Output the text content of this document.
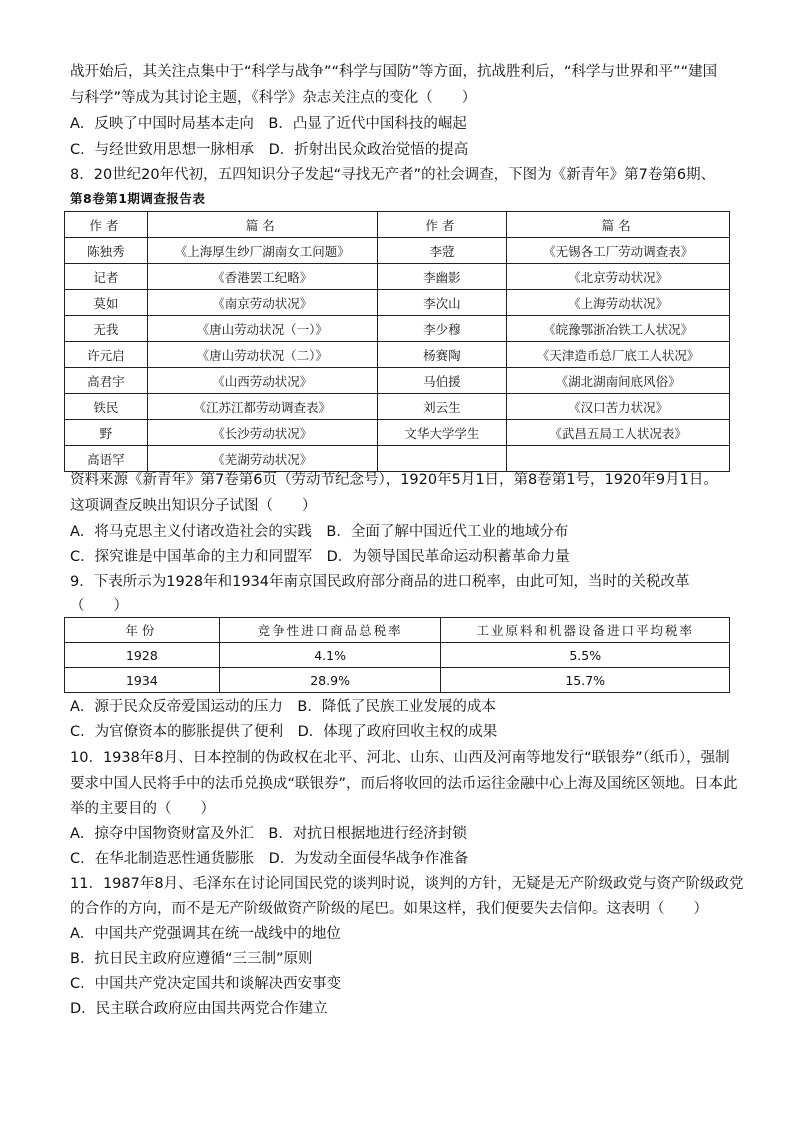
战开始后，其关注点集中于“科学与战争”“科学与国防”等方面，抗战胜利后，“科学与世界和平”“建国
与科学”等成为其讨论主题，《科学》杂志关注点的变化（　　）
A．反映了中国时局基本走向　B．凸显了近代中国科技的崛起
C．与经世致用思想一脉相承　D．折射出民众政治觉悟的提高
8．20世纪20年代初，五四知识分子发起“寻找无产者”的社会调查，下图为《新青年》第7卷第6期、
第8卷第1期调查报告表
作者	篇名	作者	篇名
陈独秀	《上海厚生纱厂湖南女工问题》	李蒄	《无锡各工厂劳动调查表》
记者	《香港罢工纪略》	李幽影	《北京劳动状况》
莫如	《南京劳动状况》	李次山	《上海劳动状况》
无我	《唐山劳动状况（一）》	李少穆	《皖豫鄂浙冶铁工人状况》
许元启	《唐山劳动状况（二）》	杨赛陶	《天津造币总厂底工人状况》
高君宇	《山西劳动状况》	马伯援	《湖北湖南间底风俗》
铁民	《江苏江都劳动调查表》	刘云生	《汉口苦力状况》
野	《长沙劳动状况》	文华大学学生	《武昌五局工人状况表》
高语罕	《芜湖劳动状况》		
资料来源《新青年》第7卷第6页（劳动节纪念号），1920年5月1日，第8卷第1号，1920年9月1日。
这项调查反映出知识分子试图（　　）
A．将马克思主义付诸改造社会的实践　B．全面了解中国近代工业的地域分布
C．探究谁是中国革命的主力和同盟军　D．为领导国民革命运动积蓄革命力量
9．下表所示为1928年和1934年南京国民政府部分商品的进口税率，由此可知，当时的关税改革
（　　）
年份	竞争性进口商品总税率	工业原料和机器设备进口平均税率
1928	4.1%	5.5%
1934	28.9%	15.7%
A．源于民众反帝爱国运动的压力　B．降低了民族工业发展的成本
C．为官僚资本的膨胀提供了便利　D．体现了政府回收主权的成果
10．1938年8月、日本控制的伪政权在北平、河北、山东、山西及河南等地发行“联银券”（纸币），强制
要求中国人民将手中的法币兑换成“联银券”，而后将收回的法币运往金融中心上海及国统区领地。日本此
举的主要目的（　　）
A．掠夺中国物资财富及外汇　B．对抗日根据地进行经济封锁
C．在华北制造恶性通货膨胀　D．为发动全面侵华战争作准备
11．1987年8月、毛泽东在讨论同国民党的谈判时说，谈判的方针，无疑是无产阶级政党与资产阶级政党
的合作的方向，而不是无产阶级做资产阶级的尾巴。如果这样，我们便要失去信仰。这表明（　　）
A．中国共产党强调其在统一战线中的地位
B．抗日民主政府应遵循“三三制”原则
C．中国共产党决定国共和谈解决西安事变
D．民主联合政府应由国共两党合作建立
